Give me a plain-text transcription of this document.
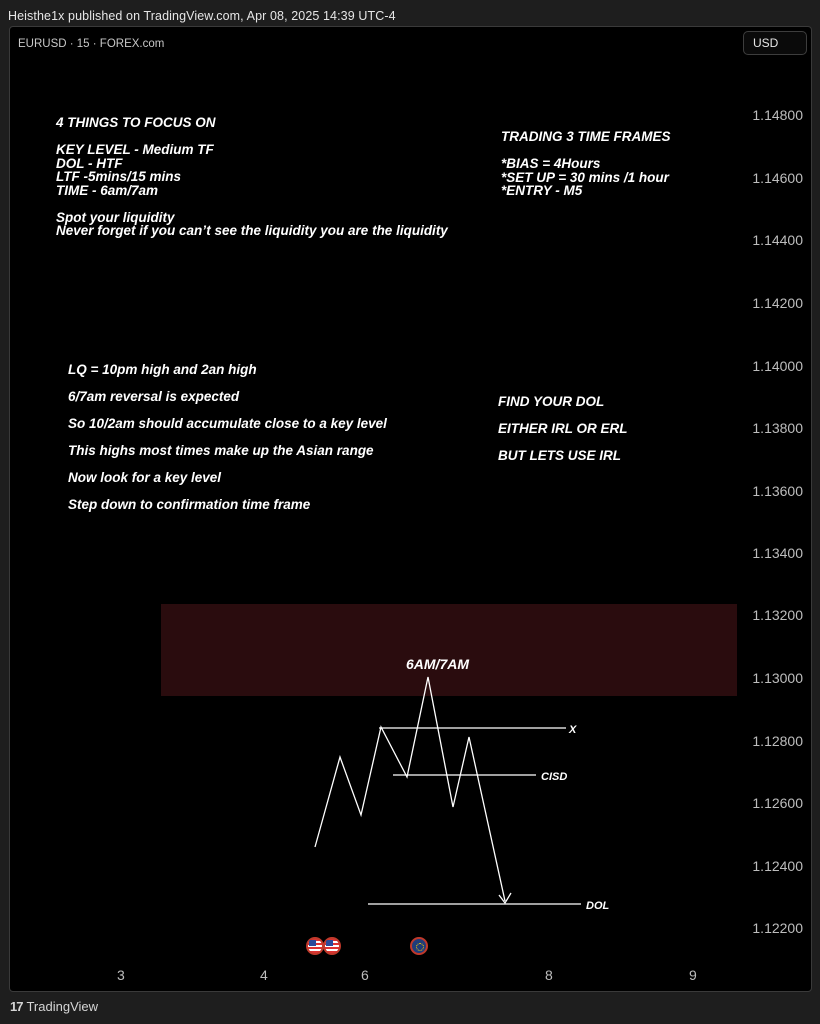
Heisthe1x published on TradingView.com, Apr 08, 2025 14:39 UTC-4
EURUSD · 15 · FOREX.com	USD
1.14800
1.14600
1.14400
1.14200
1.14000
1.13800
1.13600
1.13400
1.13200
1.13000
1.12800
1.12600
1.12400
1.12200
3	4	6	8	9
4 THINGS TO FOCUS ON
KEY LEVEL - Medium TF
DOL - HTF
LTF -5mins/15 mins
TIME - 6am/7am
Spot your liquidity
Never forget if you can’t see the liquidity you are the liquidity
TRADING 3 TIME FRAMES
*BIAS = 4Hours
*SET UP = 30 mins /1 hour
*ENTRY - M5
LQ = 10pm high and 2an high
6/7am reversal is expected
So 10/2am should accumulate close to a key level
This highs most times make up the Asian range
Now look for a key level
Step down to confirmation time frame
FIND YOUR DOL
EITHER IRL OR ERL
BUT LETS USE IRL
6AM/7AM
X
CISD
DOL
17 TradingView
